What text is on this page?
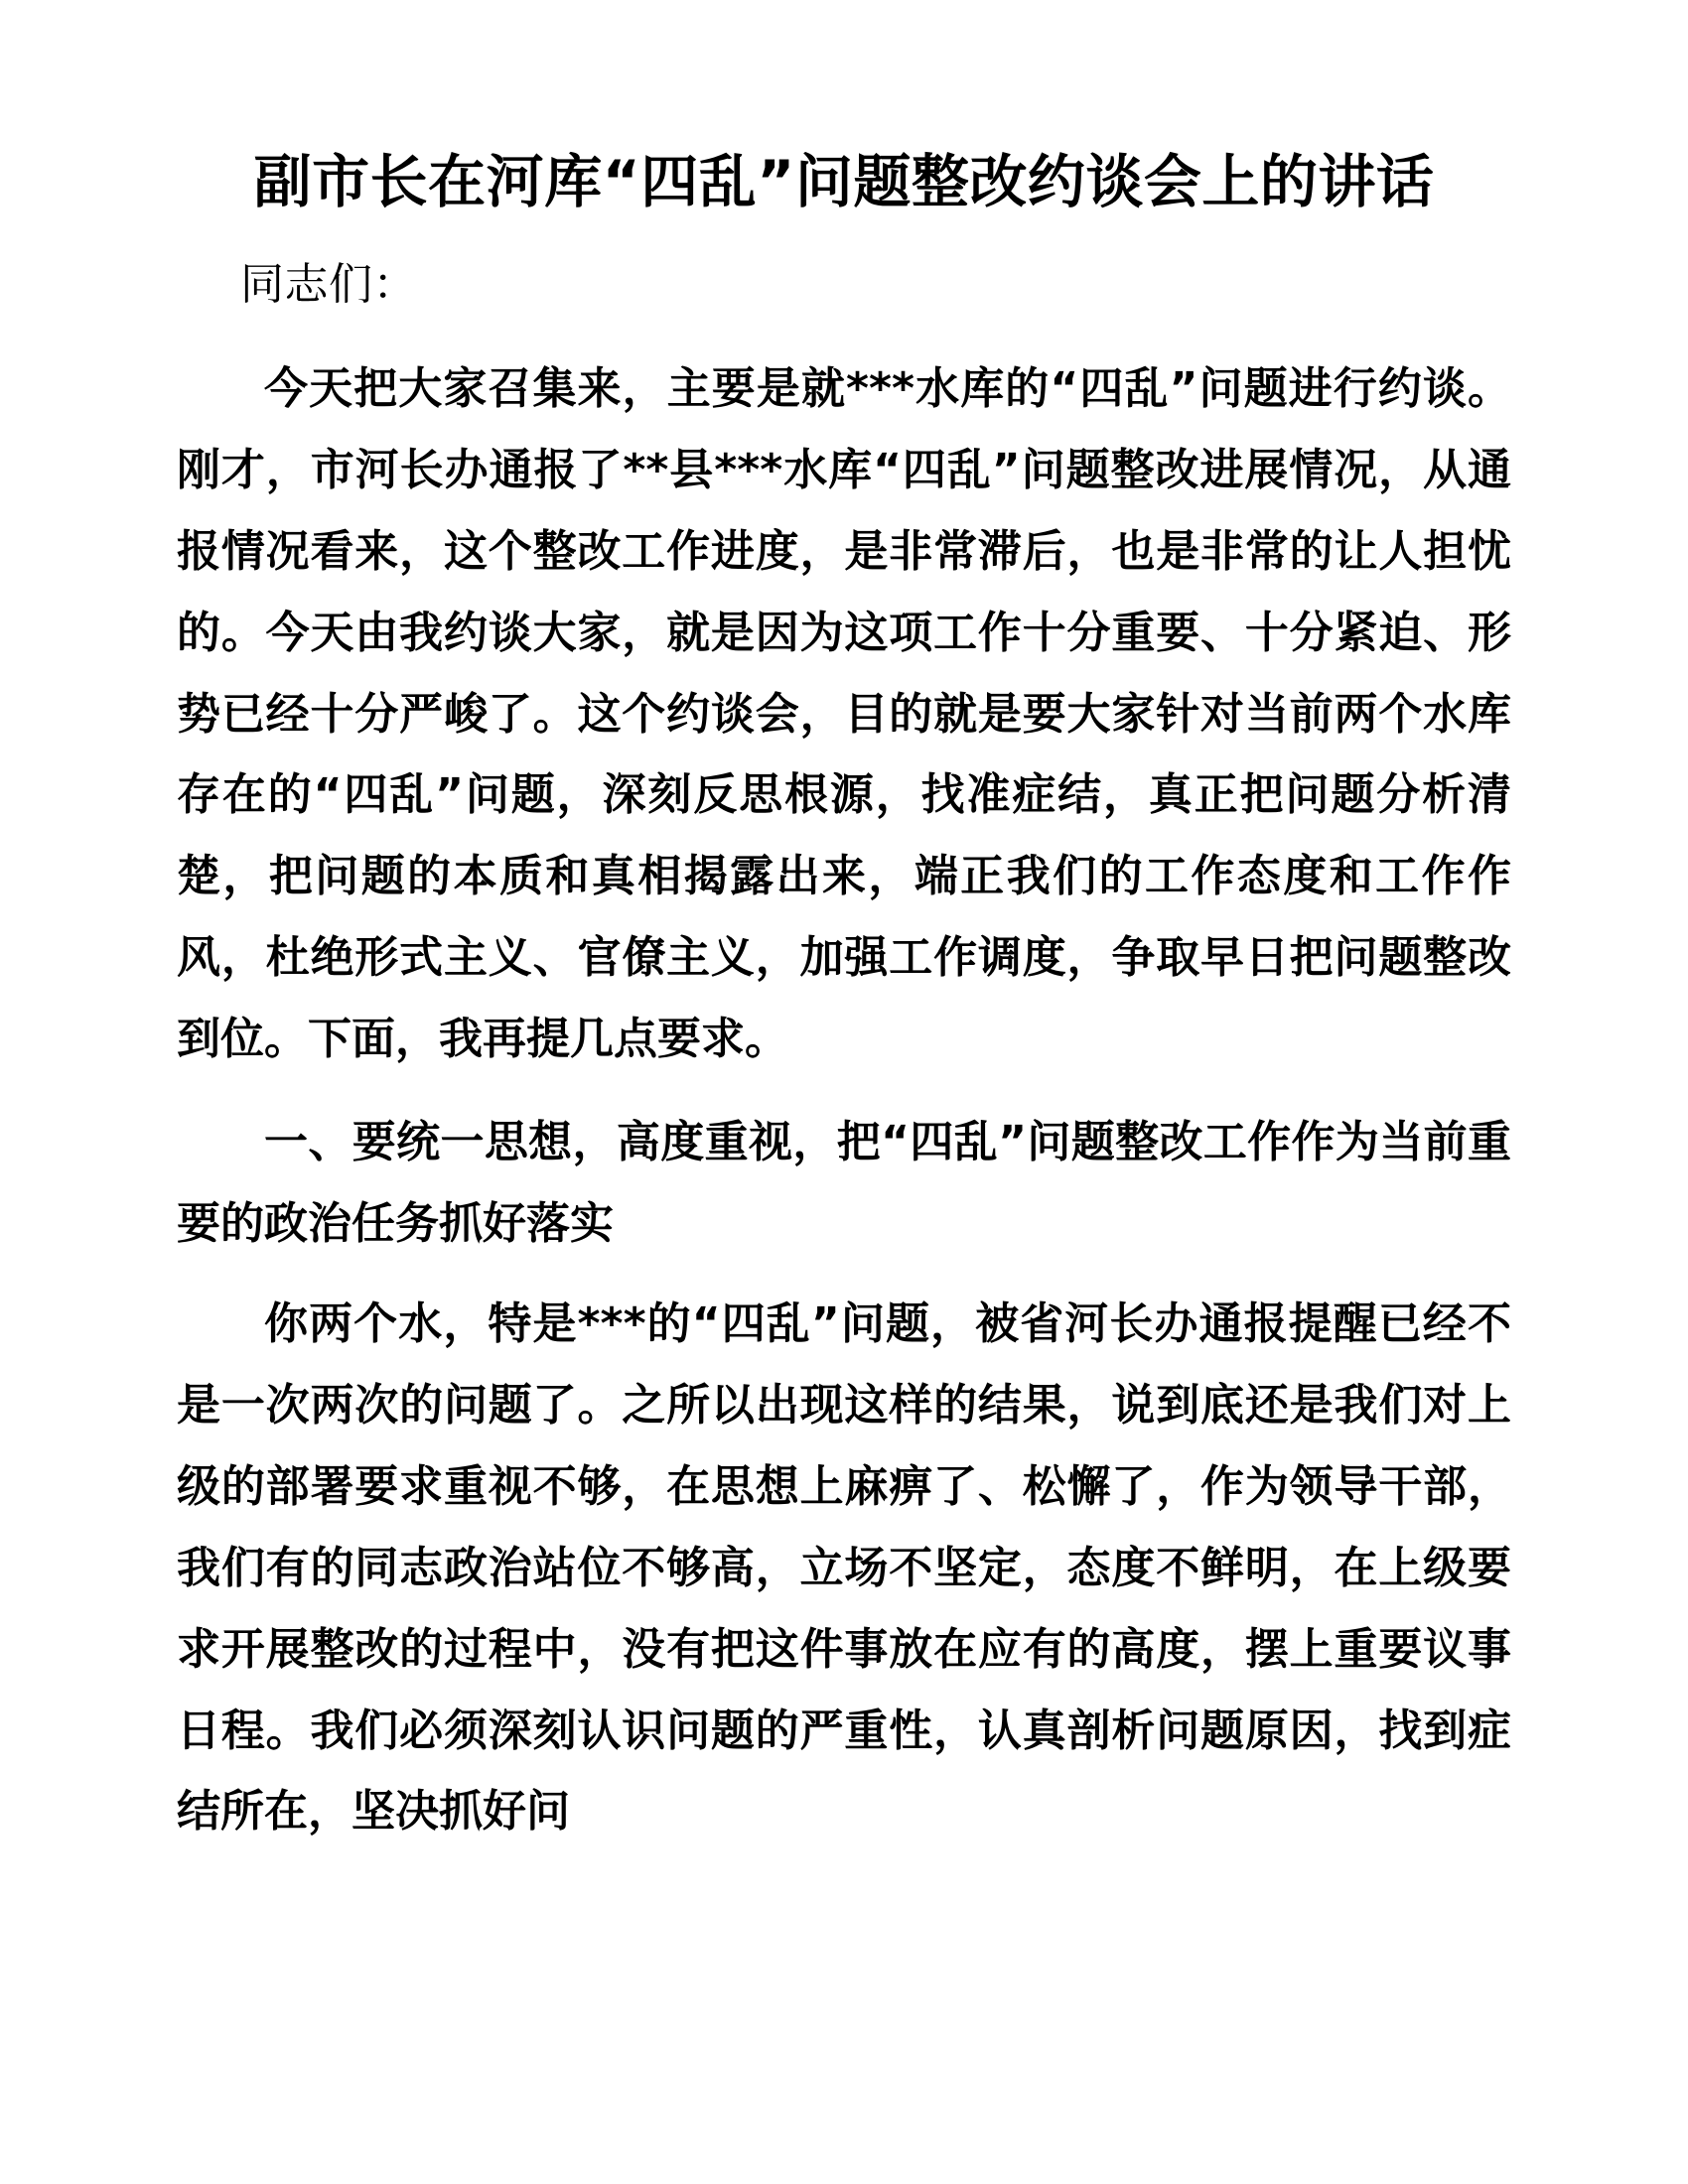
副市长在河库“四乱”问题整改约谈会上的讲话

同志们：

今天把大家召集来，主要是就***水库的“四乱”问题进行约谈。刚才，市河长办通报了**县***水库“四乱”问题整改进展情况，从通报情况看来，这个整改工作进度，是非常滞后，也是非常的让人担忧的。今天由我约谈大家，就是因为这项工作十分重要、十分紧迫、形势已经十分严峻了。这个约谈会，目的就是要大家针对当前两个水库存在的“四乱”问题，深刻反思根源，找准症结，真正把问题分析清楚，把问题的本质和真相揭露出来，端正我们的工作态度和工作作风，杜绝形式主义、官僚主义，加强工作调度，争取早日把问题整改到位。下面，我再提几点要求。

一、要统一思想，高度重视，把“四乱”问题整改工作作为当前重要的政治任务抓好落实

你两个水，特是***的“四乱”问题，被省河长办通报提醒已经不是一次两次的问题了。之所以出现这样的结果，说到底还是我们对上级的部署要求重视不够，在思想上麻痹了、松懈了，作为领导干部，我们有的同志政治站位不够高，立场不坚定，态度不鲜明，在上级要求开展整改的过程中，没有把这件事放在应有的高度，摆上重要议事日程。我们必须深刻认识问题的严重性，认真剖析问题原因，找到症结所在，坚决抓好问
